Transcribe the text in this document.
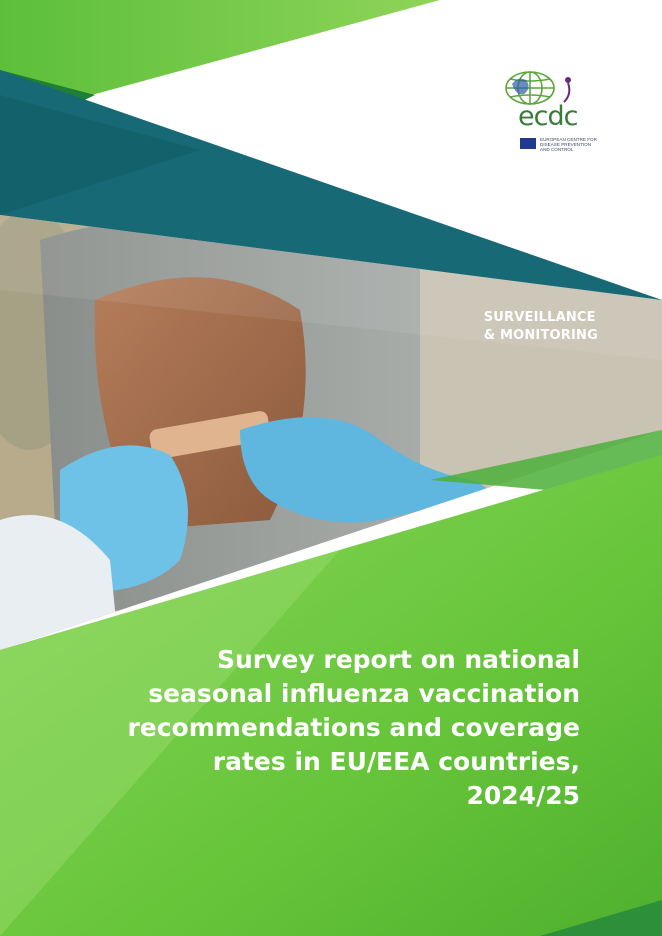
ecdc
EUROPEAN CENTRE FOR
DISEASE PREVENTION
AND CONTROL
SURVEILLANCE
& MONITORING
Survey report on national
seasonal influenza vaccination
recommendations and coverage
rates in EU/EEA countries,
2024/25
